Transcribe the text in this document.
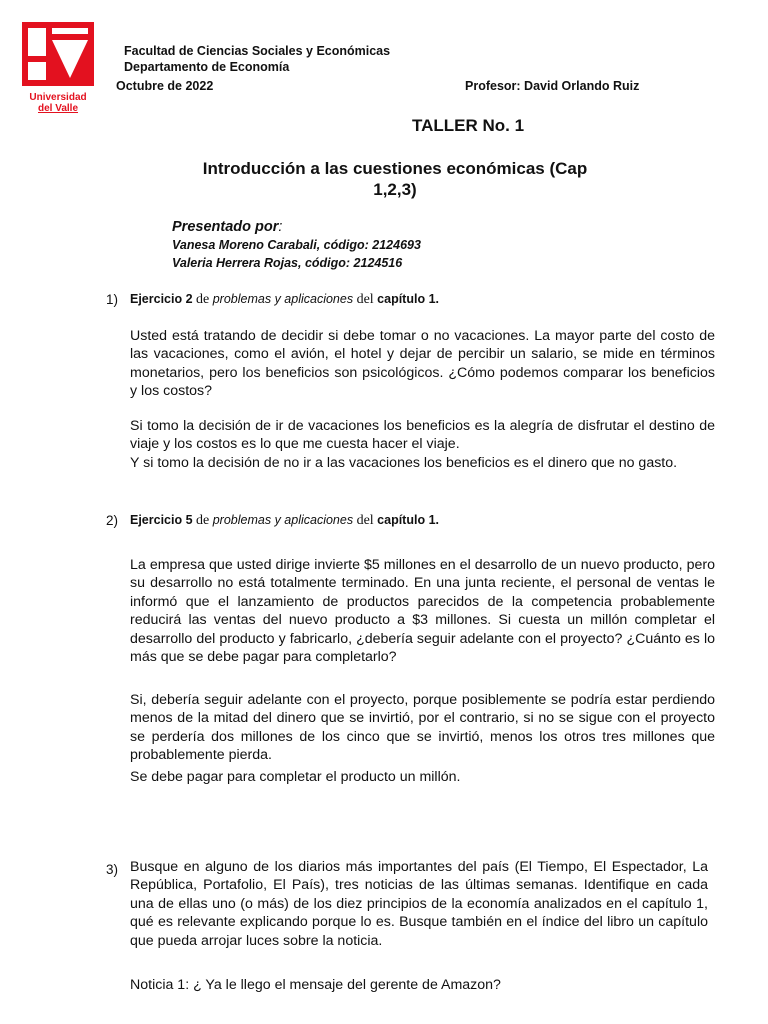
Universidad
del Valle
Facultad de Ciencias Sociales y Económicas
Departamento de Economía
Octubre de 2022	Profesor: David Orlando Ruiz
TALLER No. 1
Introducción a las cuestiones económicas (Cap 1,2,3)
Presentado por:
Vanesa Moreno Carabali, código: 2124693
Valeria Herrera Rojas, código: 2124516
1) Ejercicio 2 de problemas y aplicaciones del capítulo 1.

Usted está tratando de decidir si debe tomar o no vacaciones. La mayor parte del costo de las vacaciones, como el avión, el hotel y dejar de percibir un salario, se mide en términos monetarios, pero los beneficios son psicológicos. ¿Cómo podemos comparar los beneficios y los costos?

Si tomo la decisión de ir de vacaciones los beneficios es la alegría de disfrutar el destino de viaje y los costos es lo que me cuesta hacer el viaje.

Y si tomo la decisión de no ir a las vacaciones los beneficios es el dinero que no gasto.

2) Ejercicio 5 de problemas y aplicaciones del capítulo 1.

La empresa que usted dirige invierte $5 millones en el desarrollo de un nuevo producto, pero su desarrollo no está totalmente terminado. En una junta reciente, el personal de ventas le informó que el lanzamiento de productos parecidos de la competencia probablemente reducirá las ventas del nuevo producto a $3 millones. Si cuesta un millón completar el desarrollo del producto y fabricarlo, ¿debería seguir adelante con el proyecto? ¿Cuánto es lo más que se debe pagar para completarlo?

Si, debería seguir adelante con el proyecto, porque posiblemente se podría estar perdiendo menos de la mitad del dinero que se invirtió, por el contrario, si no se sigue con el proyecto se perdería dos millones de los cinco que se invirtió, menos los otros tres millones que probablemente pierda.

Se debe pagar para completar el producto un millón.

3) Busque en alguno de los diarios más importantes del país (El Tiempo, El Espectador, La República, Portafolio, El País), tres noticias de las últimas semanas. Identifique en cada una de ellas uno (o más) de los diez principios de la economía analizados en el capítulo 1, qué es relevante explicando porque lo es. Busque también en el índice del libro un capítulo que pueda arrojar luces sobre la noticia.
Noticia 1: ¿ Ya le llego el mensaje del gerente de Amazon?
